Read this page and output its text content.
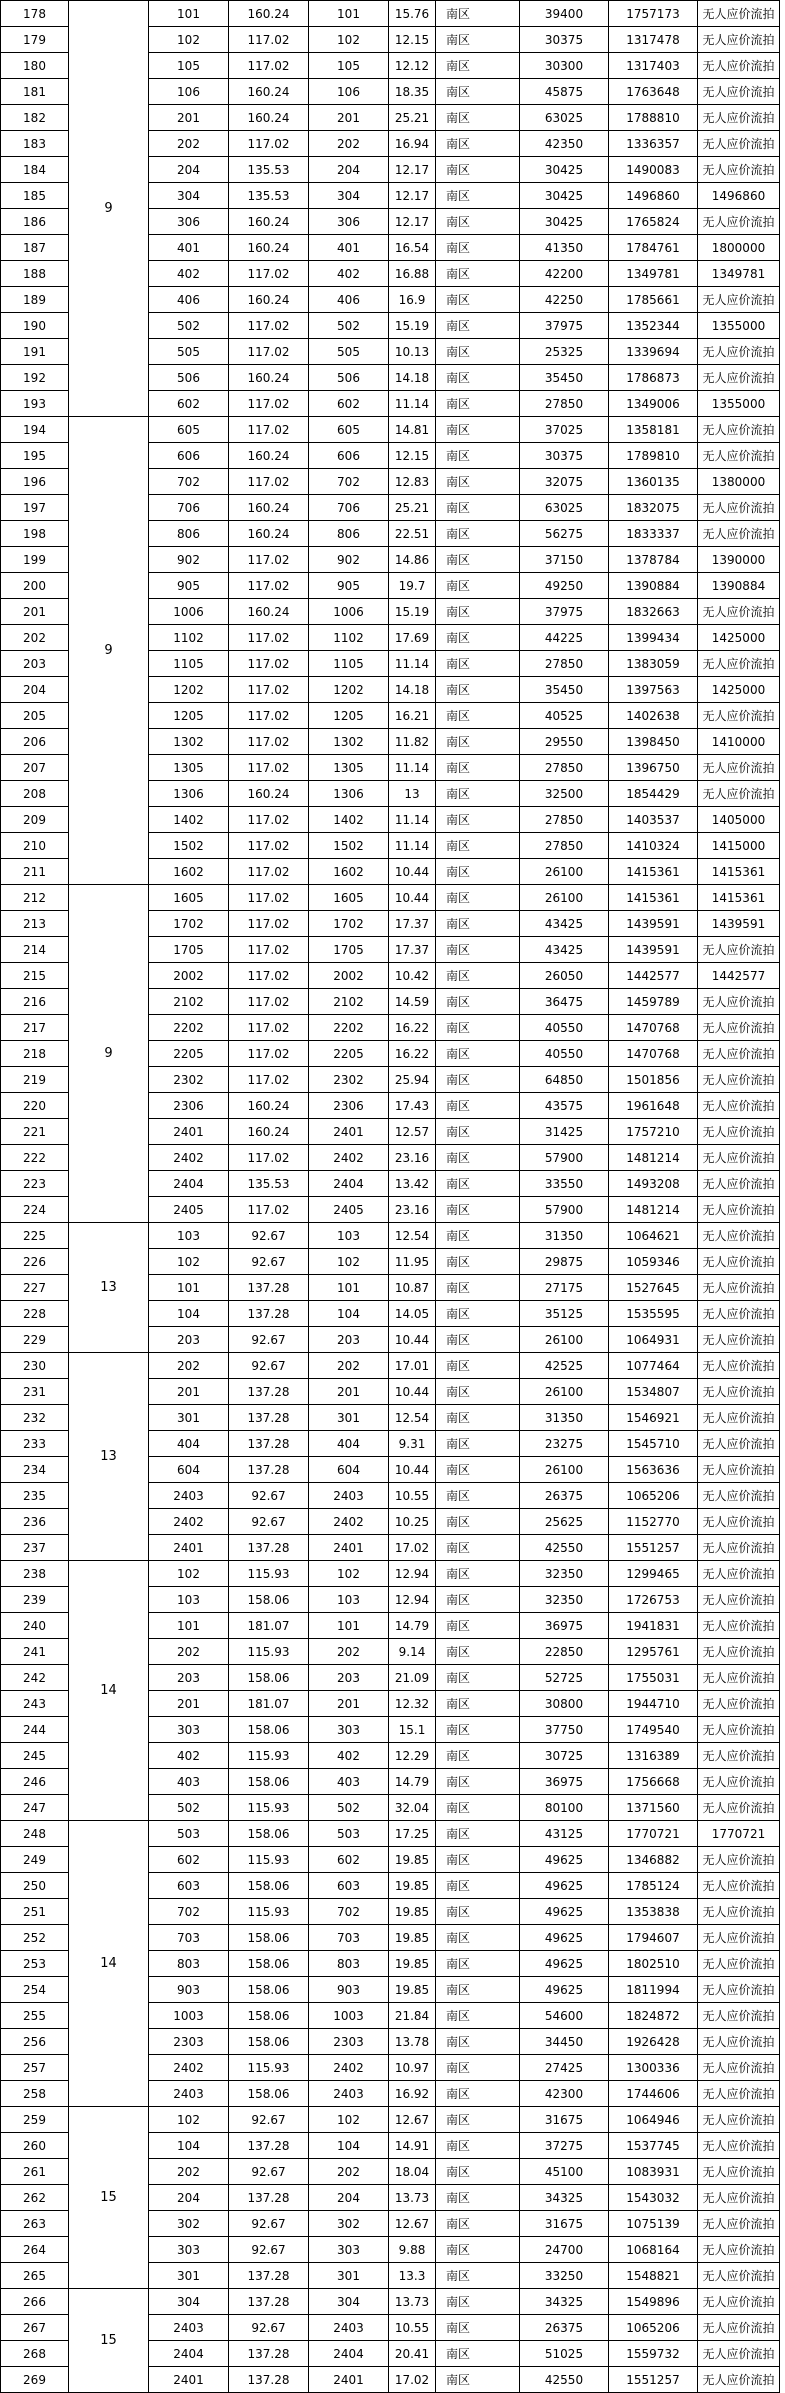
178	9	101	160.24	101	15.76	南区	39400	1757173	无人应价流拍
179		102	117.02	102	12.15	南区	30375	1317478	无人应价流拍
180		105	117.02	105	12.12	南区	30300	1317403	无人应价流拍
181		106	160.24	106	18.35	南区	45875	1763648	无人应价流拍
182		201	160.24	201	25.21	南区	63025	1788810	无人应价流拍
183		202	117.02	202	16.94	南区	42350	1336357	无人应价流拍
184		204	135.53	204	12.17	南区	30425	1490083	无人应价流拍
185		304	135.53	304	12.17	南区	30425	1496860	1496860
186		306	160.24	306	12.17	南区	30425	1765824	无人应价流拍
187		401	160.24	401	16.54	南区	41350	1784761	1800000
188		402	117.02	402	16.88	南区	42200	1349781	1349781
189		406	160.24	406	16.9	南区	42250	1785661	无人应价流拍
190		502	117.02	502	15.19	南区	37975	1352344	1355000
191		505	117.02	505	10.13	南区	25325	1339694	无人应价流拍
192		506	160.24	506	14.18	南区	35450	1786873	无人应价流拍
193		602	117.02	602	11.14	南区	27850	1349006	1355000
194	9	605	117.02	605	14.81	南区	37025	1358181	无人应价流拍
195		606	160.24	606	12.15	南区	30375	1789810	无人应价流拍
196		702	117.02	702	12.83	南区	32075	1360135	1380000
197		706	160.24	706	25.21	南区	63025	1832075	无人应价流拍
198		806	160.24	806	22.51	南区	56275	1833337	无人应价流拍
199		902	117.02	902	14.86	南区	37150	1378784	1390000
200		905	117.02	905	19.7	南区	49250	1390884	1390884
201		1006	160.24	1006	15.19	南区	37975	1832663	无人应价流拍
202		1102	117.02	1102	17.69	南区	44225	1399434	1425000
203		1105	117.02	1105	11.14	南区	27850	1383059	无人应价流拍
204		1202	117.02	1202	14.18	南区	35450	1397563	1425000
205		1205	117.02	1205	16.21	南区	40525	1402638	无人应价流拍
206		1302	117.02	1302	11.82	南区	29550	1398450	1410000
207		1305	117.02	1305	11.14	南区	27850	1396750	无人应价流拍
208		1306	160.24	1306	13	南区	32500	1854429	无人应价流拍
209		1402	117.02	1402	11.14	南区	27850	1403537	1405000
210		1502	117.02	1502	11.14	南区	27850	1410324	1415000
211		1602	117.02	1602	10.44	南区	26100	1415361	1415361
212	9	1605	117.02	1605	10.44	南区	26100	1415361	1415361
213		1702	117.02	1702	17.37	南区	43425	1439591	1439591
214		1705	117.02	1705	17.37	南区	43425	1439591	无人应价流拍
215		2002	117.02	2002	10.42	南区	26050	1442577	1442577
216		2102	117.02	2102	14.59	南区	36475	1459789	无人应价流拍
217		2202	117.02	2202	16.22	南区	40550	1470768	无人应价流拍
218		2205	117.02	2205	16.22	南区	40550	1470768	无人应价流拍
219		2302	117.02	2302	25.94	南区	64850	1501856	无人应价流拍
220		2306	160.24	2306	17.43	南区	43575	1961648	无人应价流拍
221		2401	160.24	2401	12.57	南区	31425	1757210	无人应价流拍
222		2402	117.02	2402	23.16	南区	57900	1481214	无人应价流拍
223		2404	135.53	2404	13.42	南区	33550	1493208	无人应价流拍
224		2405	117.02	2405	23.16	南区	57900	1481214	无人应价流拍
225	13	103	92.67	103	12.54	南区	31350	1064621	无人应价流拍
226		102	92.67	102	11.95	南区	29875	1059346	无人应价流拍
227		101	137.28	101	10.87	南区	27175	1527645	无人应价流拍
228		104	137.28	104	14.05	南区	35125	1535595	无人应价流拍
229		203	92.67	203	10.44	南区	26100	1064931	无人应价流拍
230	13	202	92.67	202	17.01	南区	42525	1077464	无人应价流拍
231		201	137.28	201	10.44	南区	26100	1534807	无人应价流拍
232		301	137.28	301	12.54	南区	31350	1546921	无人应价流拍
233		404	137.28	404	9.31	南区	23275	1545710	无人应价流拍
234		604	137.28	604	10.44	南区	26100	1563636	无人应价流拍
235		2403	92.67	2403	10.55	南区	26375	1065206	无人应价流拍
236		2402	92.67	2402	10.25	南区	25625	1152770	无人应价流拍
237		2401	137.28	2401	17.02	南区	42550	1551257	无人应价流拍
238	14	102	115.93	102	12.94	南区	32350	1299465	无人应价流拍
239		103	158.06	103	12.94	南区	32350	1726753	无人应价流拍
240		101	181.07	101	14.79	南区	36975	1941831	无人应价流拍
241		202	115.93	202	9.14	南区	22850	1295761	无人应价流拍
242		203	158.06	203	21.09	南区	52725	1755031	无人应价流拍
243		201	181.07	201	12.32	南区	30800	1944710	无人应价流拍
244		303	158.06	303	15.1	南区	37750	1749540	无人应价流拍
245		402	115.93	402	12.29	南区	30725	1316389	无人应价流拍
246		403	158.06	403	14.79	南区	36975	1756668	无人应价流拍
247		502	115.93	502	32.04	南区	80100	1371560	无人应价流拍
248	14	503	158.06	503	17.25	南区	43125	1770721	1770721
249		602	115.93	602	19.85	南区	49625	1346882	无人应价流拍
250		603	158.06	603	19.85	南区	49625	1785124	无人应价流拍
251		702	115.93	702	19.85	南区	49625	1353838	无人应价流拍
252		703	158.06	703	19.85	南区	49625	1794607	无人应价流拍
253		803	158.06	803	19.85	南区	49625	1802510	无人应价流拍
254		903	158.06	903	19.85	南区	49625	1811994	无人应价流拍
255		1003	158.06	1003	21.84	南区	54600	1824872	无人应价流拍
256		2303	158.06	2303	13.78	南区	34450	1926428	无人应价流拍
257		2402	115.93	2402	10.97	南区	27425	1300336	无人应价流拍
258		2403	158.06	2403	16.92	南区	42300	1744606	无人应价流拍
259	15	102	92.67	102	12.67	南区	31675	1064946	无人应价流拍
260		104	137.28	104	14.91	南区	37275	1537745	无人应价流拍
261		202	92.67	202	18.04	南区	45100	1083931	无人应价流拍
262		204	137.28	204	13.73	南区	34325	1543032	无人应价流拍
263		302	92.67	302	12.67	南区	31675	1075139	无人应价流拍
264		303	92.67	303	9.88	南区	24700	1068164	无人应价流拍
265		301	137.28	301	13.3	南区	33250	1548821	无人应价流拍
266	15	304	137.28	304	13.73	南区	34325	1549896	无人应价流拍
267		2403	92.67	2403	10.55	南区	26375	1065206	无人应价流拍
268		2404	137.28	2404	20.41	南区	51025	1559732	无人应价流拍
269		2401	137.28	2401	17.02	南区	42550	1551257	无人应价流拍
